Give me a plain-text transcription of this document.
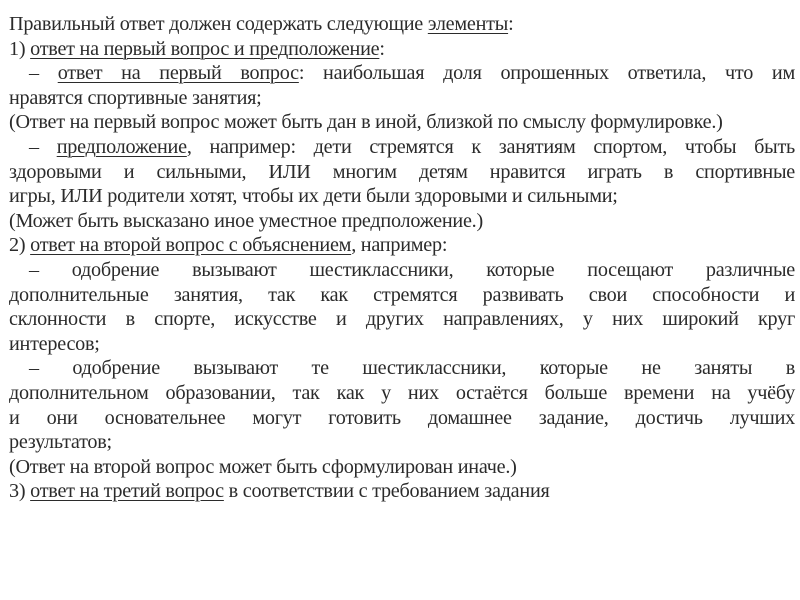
Правильный ответ должен содержать следующие элементы:
1) ответ на первый вопрос и предположение:
– ответ на первый вопрос: наибольшая доля опрошенных ответила, что им
нравятся спортивные занятия;
(Ответ на первый вопрос может быть дан в иной, близкой по смыслу формулировке.)
– предположение, например: дети стремятся к занятиям спортом, чтобы быть
здоровыми и сильными, ИЛИ многим детям нравится играть в спортивные
игры, ИЛИ родители хотят, чтобы их дети были здоровыми и сильными;
(Может быть высказано иное уместное предположение.)
2) ответ на второй вопрос с объяснением, например:
– одобрение вызывают шестиклассники, которые посещают различные
дополнительные занятия, так как стремятся развивать свои способности и
склонности в спорте, искусстве и других направлениях, у них широкий круг
интересов;
– одобрение вызывают те шестиклассники, которые не заняты в
дополнительном образовании, так как у них остаётся больше времени на учёбу
и они основательнее могут готовить домашнее задание, достичь лучших
результатов;
(Ответ на второй вопрос может быть сформулирован иначе.)
3) ответ на третий вопрос в соответствии с требованием задания
